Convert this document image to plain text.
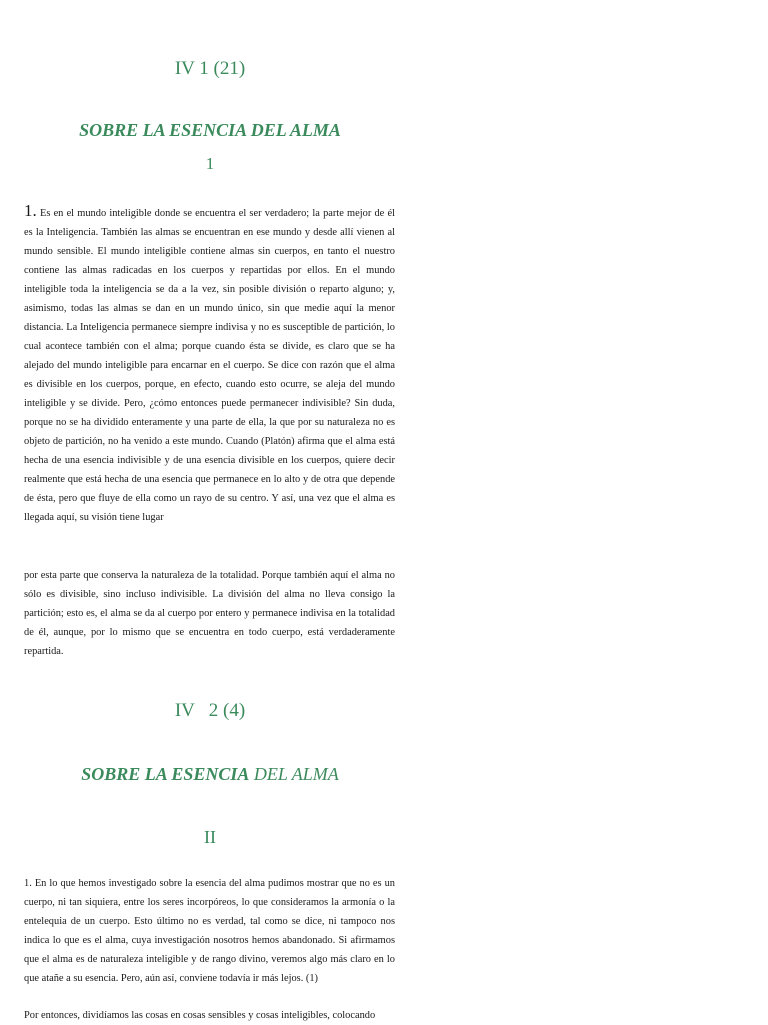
IV 1 (21)
SOBRE LA ESENCIA DEL ALMA
1
1. Es en el mundo inteligible donde se encuentra el ser verdadero; la parte mejor de él es la Inteligencia. También las almas se encuentran en ese mundo y desde allí vienen al mundo sensible. El mundo inteligible contiene almas sin cuerpos, en tanto el nuestro contiene las almas radicadas en los cuerpos y repartidas por ellos. En el mundo inteligible toda la inteligencia se da a la vez, sin posible división o reparto alguno; y, asimismo, todas las almas se dan en un mundo único, sin que medie aquí la menor distancia. La Inteligencia permanece siempre indivisa y no es susceptible de partición, lo cual acontece también con el alma; porque cuando ésta se divide, es claro que se ha alejado del mundo inteligible para encarnar en el cuerpo. Se dice con razón que el alma es divisible en los cuerpos, porque, en efecto, cuando esto ocurre, se aleja del mundo inteligible y se divide. Pero, ¿cómo entonces puede permanecer indivisible? Sin duda, porque no se ha dividido enteramente y una parte de ella, la que por su naturaleza no es objeto de partición, no ha venido a este mundo. Cuando (Platón) afirma que el alma está hecha de una esencia indivisible y de una esencia divisible en los cuerpos, quiere decir realmente que está hecha de una esencia que permanece en lo alto y de otra que depende de ésta, pero que fluye de ella como un rayo de su centro. Y así, una vez que el alma es llegada aquí, su visión tiene lugar
por esta parte que conserva la naturaleza de la totalidad. Porque también aquí el alma no sólo es divisible, sino incluso indivisible. La división del alma no lleva consigo la partición; esto es, el alma se da al cuerpo por entero y permanece indivisa en la totalidad de él, aunque, por lo mismo que se encuentra en todo cuerpo, está verdaderamente repartida.
IV   2 (4)
SOBRE LA ESENCIA DEL ALMA
II
1. En lo que hemos investigado sobre la esencia del alma pudimos mostrar que no es un cuerpo, ni tan siquiera, entre los seres incorpóreos, lo que consideramos la armonía o la entelequia de un cuerpo. Esto último no es verdad, tal como se dice, ni tampoco nos indica lo que es el alma, cuya investigación nosotros hemos abandonado. Si afirmamos que el alma es de naturaleza inteligible y de rango divino, veremos algo más claro en lo que atañe a su esencia. Pero, aún así, conviene todavía ir más lejos. (1)
Por entonces, dividíamos las cosas en cosas sensibles y cosas inteligibles, colocando
